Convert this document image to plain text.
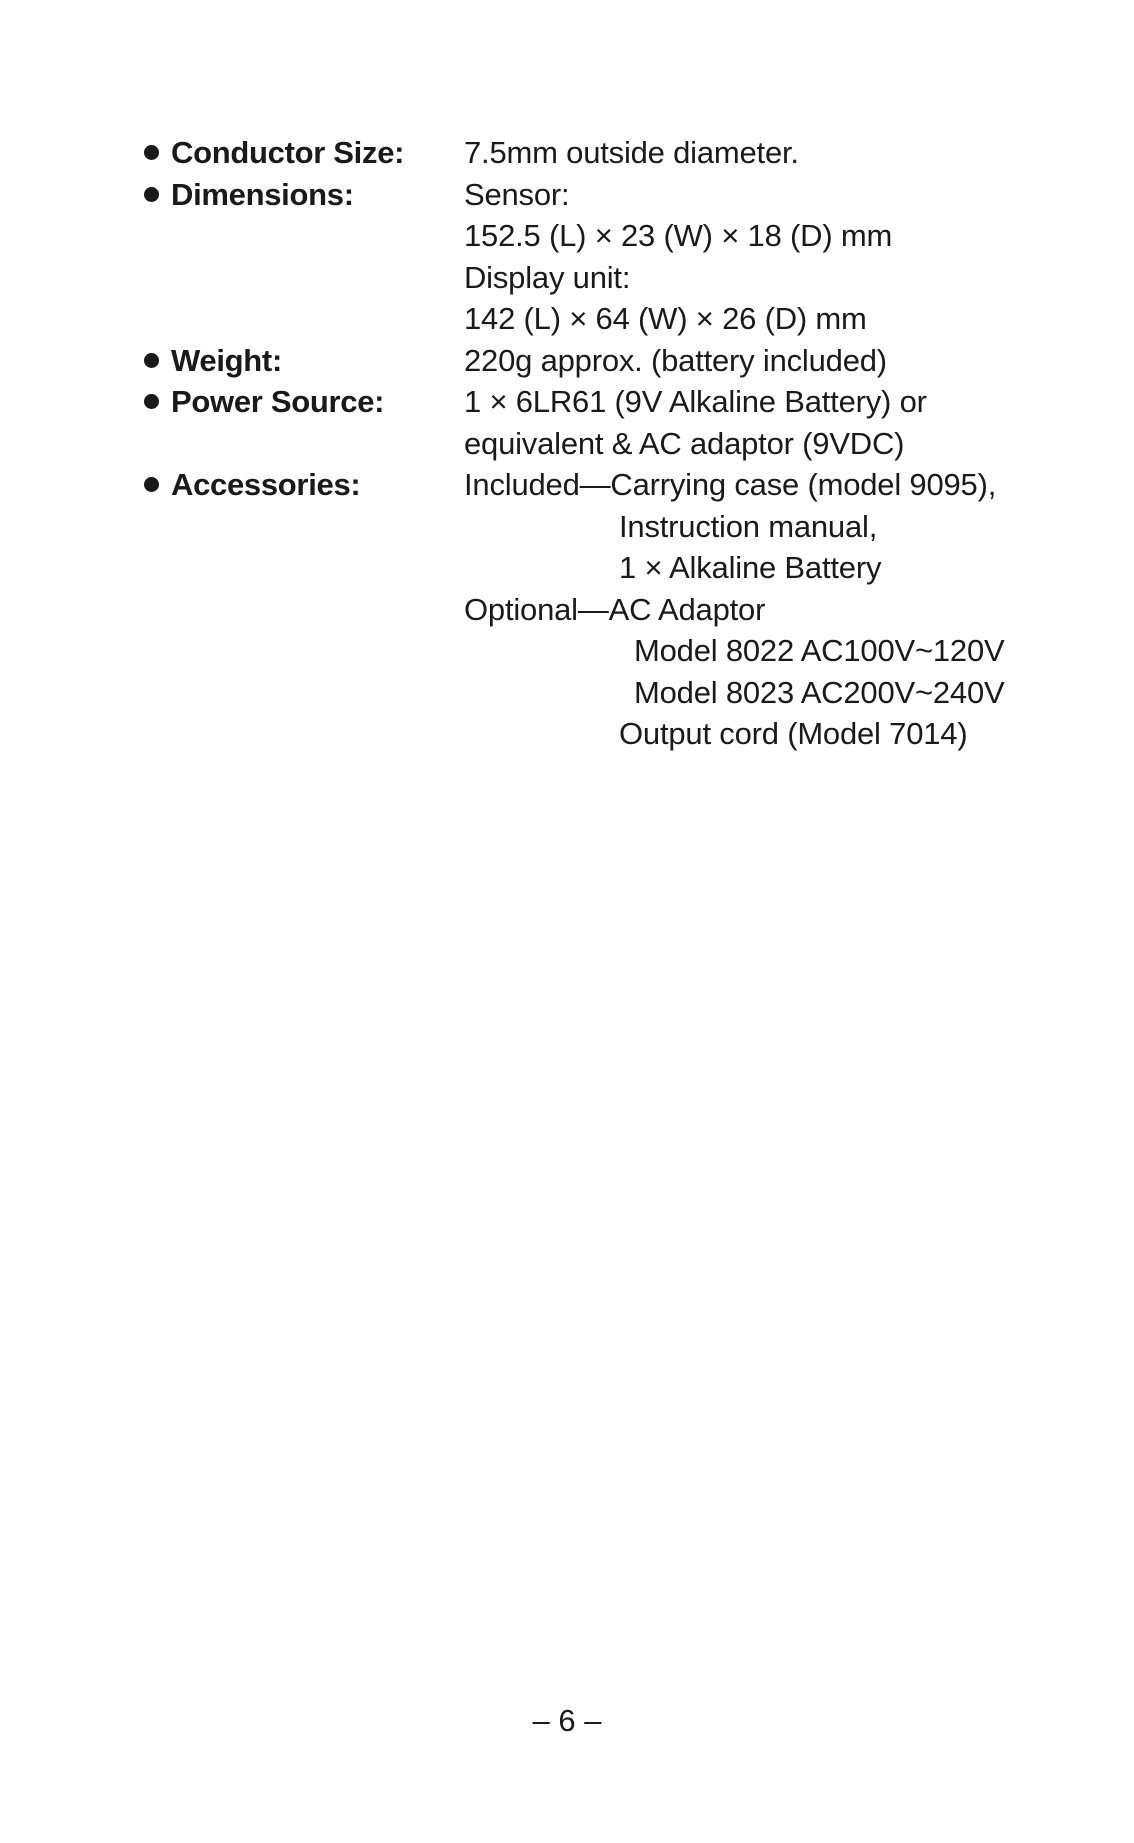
Conductor Size: 7.5mm outside diameter.
Dimensions:	Sensor:
152.5 (L) × 23 (W) × 18 (D) mm
Display unit:
142 (L) × 64 (W) × 26 (D) mm
Weight:	220g approx. (battery included)
Power Source:	1 × 6LR61 (9V Alkaline Battery) or
equivalent & AC adaptor (9VDC)
Accessories:	Included—Carrying case (model 9095),
Instruction manual,
1 × Alkaline Battery
Optional—AC Adaptor
Model 8022 AC100V~120V
Model 8023 AC200V~240V
Output cord (Model 7014)
– 6 –
